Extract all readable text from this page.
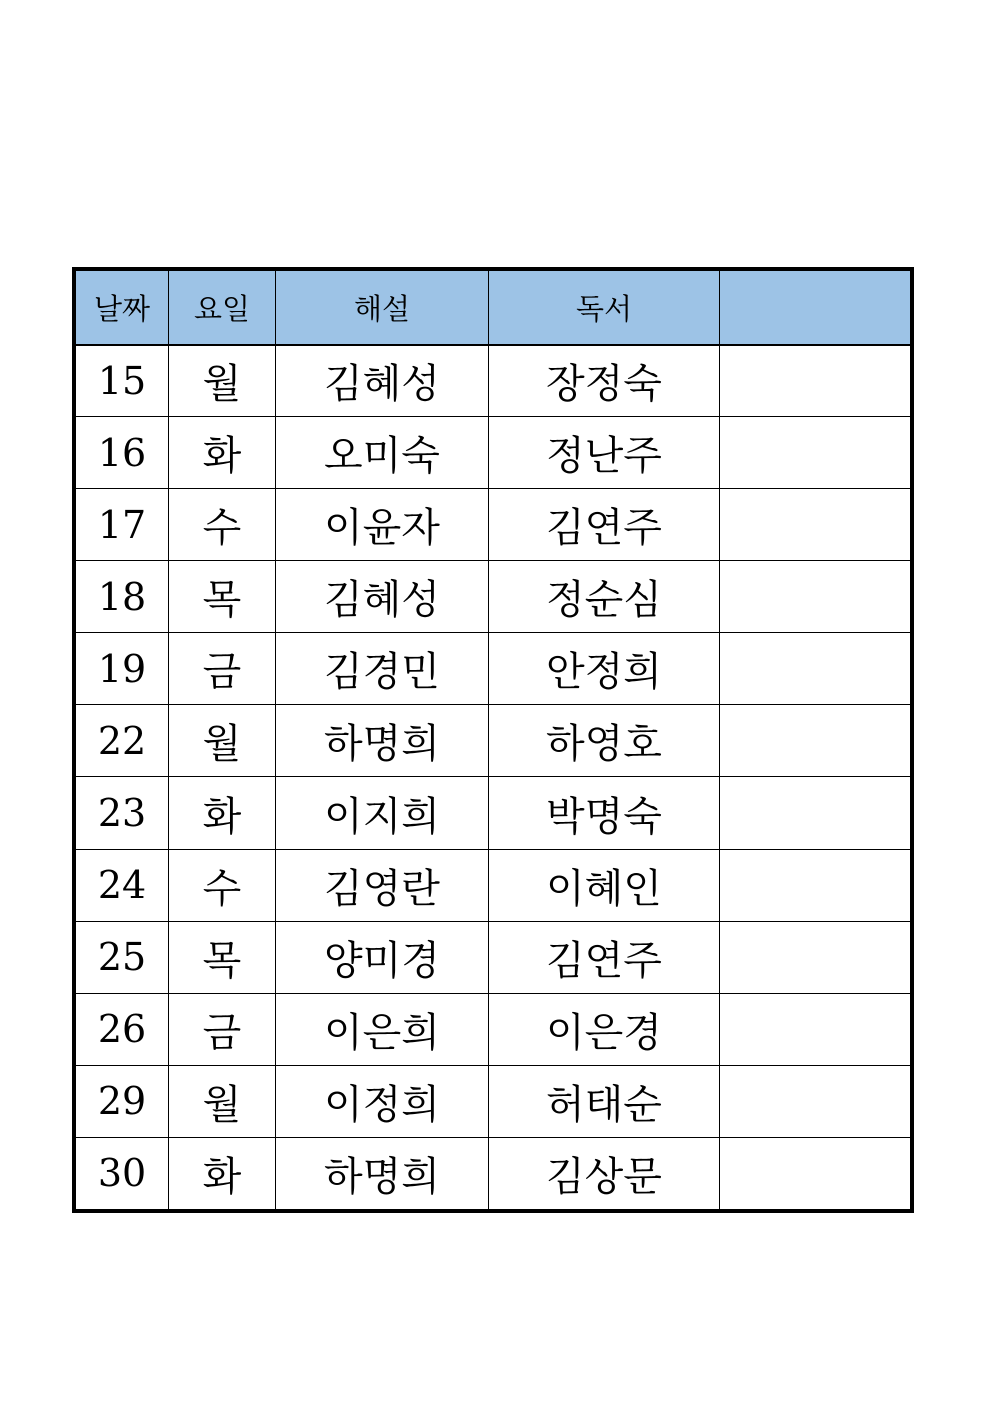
날짜	요일	해설	독서	
15	월	김혜성	장정숙	
16	화	오미숙	정난주	
17	수	이윤자	김연주	
18	목	김혜성	정순심	
19	금	김경민	안정희	
22	월	하명희	하영호	
23	화	이지희	박명숙	
24	수	김영란	이혜인	
25	목	양미경	김연주	
26	금	이은희	이은경	
29	월	이정희	허태순	
30	화	하명희	김상문	
